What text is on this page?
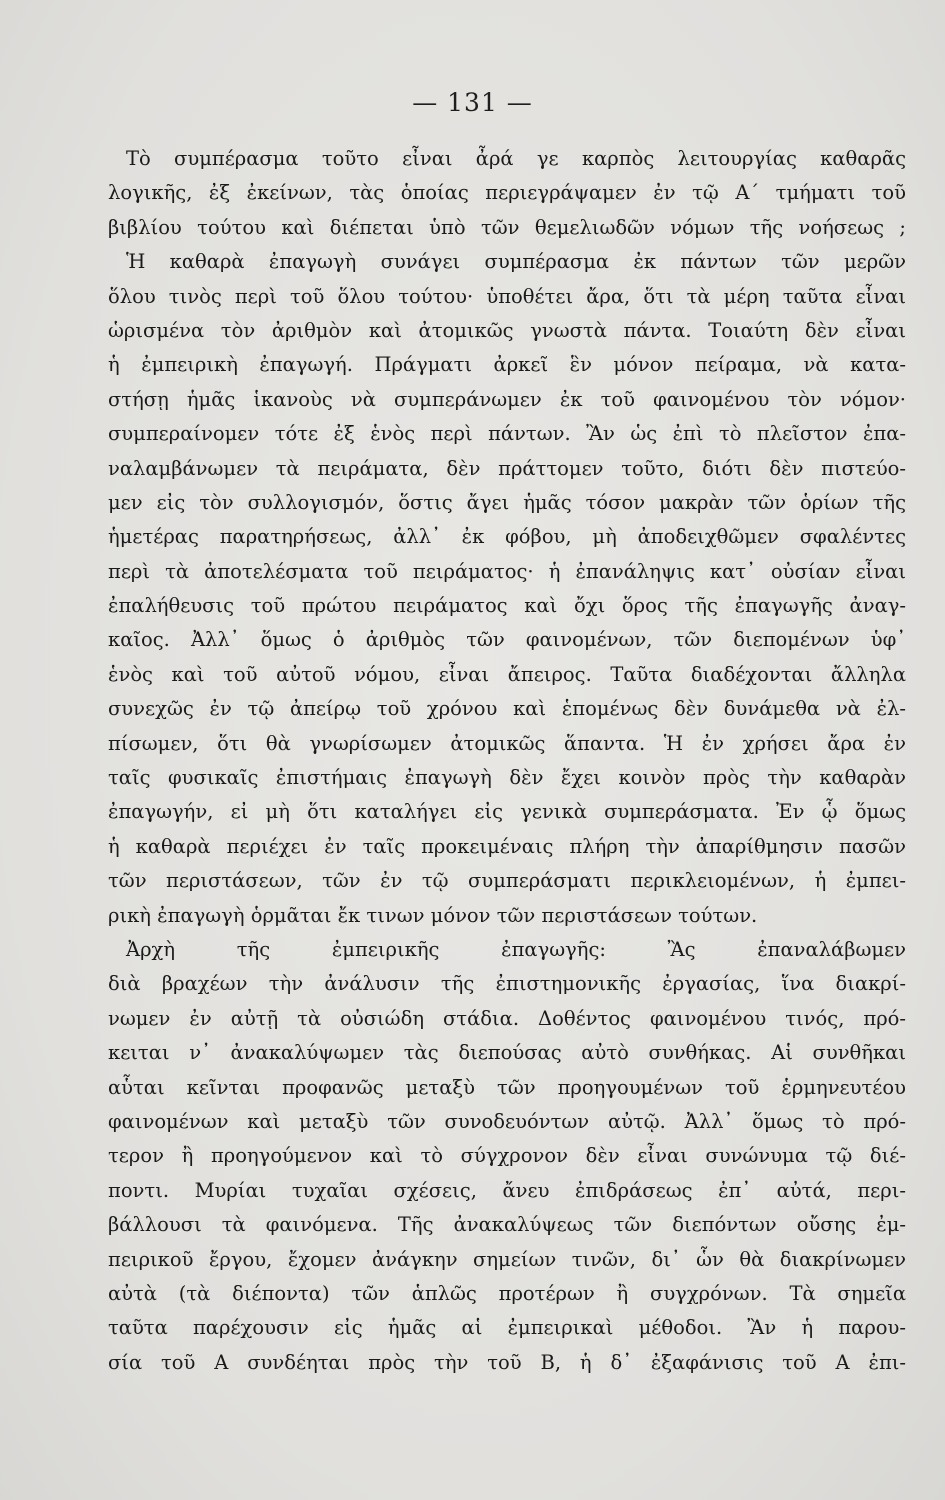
— 131 —
Τὸ συμπέρασμα τοῦτο εἶναι ἆρά γε καρπὸς λειτουργίας καθαρᾶς
λογικῆς, ἐξ ἐκείνων, τὰς ὁποίας περιεγράψαμεν ἐν τῷ Α΄ τμήματι τοῦ
βιβλίου τούτου καὶ διέπεται ὑπὸ τῶν θεμελιωδῶν νόμων τῆς νοήσεως ;
Ἡ καθαρὰ ἐπαγωγὴ συνάγει συμπέρασμα ἐκ πάντων τῶν μερῶν
ὅλου τινὸς περὶ τοῦ ὅλου τούτου· ὑποθέτει ἄρα, ὅτι τὰ μέρη ταῦτα εἶναι
ὡρισμένα τὸν ἀριθμὸν καὶ ἀτομικῶς γνωστὰ πάντα. Τοιαύτη δὲν εἶναι
ἡ ἐμπειρικὴ ἐπαγωγή. Πράγματι ἀρκεῖ ἓν μόνον πείραμα, νὰ κατα-
στήσῃ ἡμᾶς ἱκανοὺς νὰ συμπεράνωμεν ἐκ τοῦ φαινομένου τὸν νόμον·
συμπεραίνομεν τότε ἐξ ἑνὸς περὶ πάντων. Ἂν ὡς ἐπὶ τὸ πλεῖστον ἐπα-
ναλαμβάνωμεν τὰ πειράματα, δὲν πράττομεν τοῦτο, διότι δὲν πιστεύο-
μεν εἰς τὸν συλλογισμόν, ὅστις ἄγει ἡμᾶς τόσον μακρὰν τῶν ὁρίων τῆς
ἡμετέρας παρατηρήσεως, ἀλλ᾽ ἐκ φόβου, μὴ ἀποδειχθῶμεν σφαλέντες
περὶ τὰ ἀποτελέσματα τοῦ πειράματος· ἡ ἐπανάληψις κατ᾽ οὐσίαν εἶναι
ἐπαλήθευσις τοῦ πρώτου πειράματος καὶ ὄχι ὅρος τῆς ἐπαγωγῆς ἀναγ-
καῖος. Ἀλλ᾽ ὅμως ὁ ἀριθμὸς τῶν φαινομένων, τῶν διεπομένων ὑφ᾽
ἑνὸς καὶ τοῦ αὐτοῦ νόμου, εἶναι ἄπειρος. Ταῦτα διαδέχονται ἄλληλα
συνεχῶς ἐν τῷ ἀπείρῳ τοῦ χρόνου καὶ ἑπομένως δὲν δυνάμεθα νὰ ἐλ-
πίσωμεν, ὅτι θὰ γνωρίσωμεν ἀτομικῶς ἅπαντα. Ἡ ἐν χρήσει ἄρα ἐν
ταῖς φυσικαῖς ἐπιστήμαις ἐπαγωγὴ δὲν ἔχει κοινὸν πρὸς τὴν καθαρὰν
ἐπαγωγήν, εἰ μὴ ὅτι καταλήγει εἰς γενικὰ συμπεράσματα. Ἐν ᾧ ὅμως
ἡ καθαρὰ περιέχει ἐν ταῖς προκειμέναις πλήρη τὴν ἀπαρίθμησιν πασῶν
τῶν περιστάσεων, τῶν ἐν τῷ συμπεράσματι περικλειομένων, ἡ ἐμπει-
ρικὴ ἐπαγωγὴ ὁρμᾶται ἔκ τινων μόνον τῶν περιστάσεων τούτων.
Ἀρχὴ τῆς ἐμπειρικῆς ἐπαγωγῆς: Ἂς ἐπαναλάβωμεν
διὰ βραχέων τὴν ἀνάλυσιν τῆς ἐπιστημονικῆς ἐργασίας, ἵνα διακρί-
νωμεν ἐν αὐτῇ τὰ οὐσιώδη στάδια. Δοθέντος φαινομένου τινός, πρό-
κειται ν᾽ ἀνακαλύψωμεν τὰς διεπούσας αὐτὸ συνθήκας. Αἱ συνθῆκαι
αὗται κεῖνται προφανῶς μεταξὺ τῶν προηγουμένων τοῦ ἑρμηνευτέου
φαινομένων καὶ μεταξὺ τῶν συνοδευόντων αὐτῷ. Ἀλλ᾽ ὅμως τὸ πρό-
τερον ἢ προηγούμενον καὶ τὸ σύγχρονον δὲν εἶναι συνώνυμα τῷ διέ-
ποντι. Μυρίαι τυχαῖαι σχέσεις, ἄνευ ἐπιδράσεως ἐπ᾽ αὐτά, περι-
βάλλουσι τὰ φαινόμενα. Τῆς ἀνακαλύψεως τῶν διεπόντων οὔσης ἐμ-
πειρικοῦ ἔργου, ἔχομεν ἀνάγκην σημείων τινῶν, δι᾽ ὧν θὰ διακρίνωμεν
αὐτὰ (τὰ διέποντα) τῶν ἁπλῶς προτέρων ἢ συγχρόνων. Τὰ σημεῖα
ταῦτα παρέχουσιν εἰς ἡμᾶς αἱ ἐμπειρικαὶ μέθοδοι. Ἂν ἡ παρου-
σία τοῦ Α συνδέηται πρὸς τὴν τοῦ Β, ἡ δ᾽ ἐξαφάνισις τοῦ Α ἐπι-
